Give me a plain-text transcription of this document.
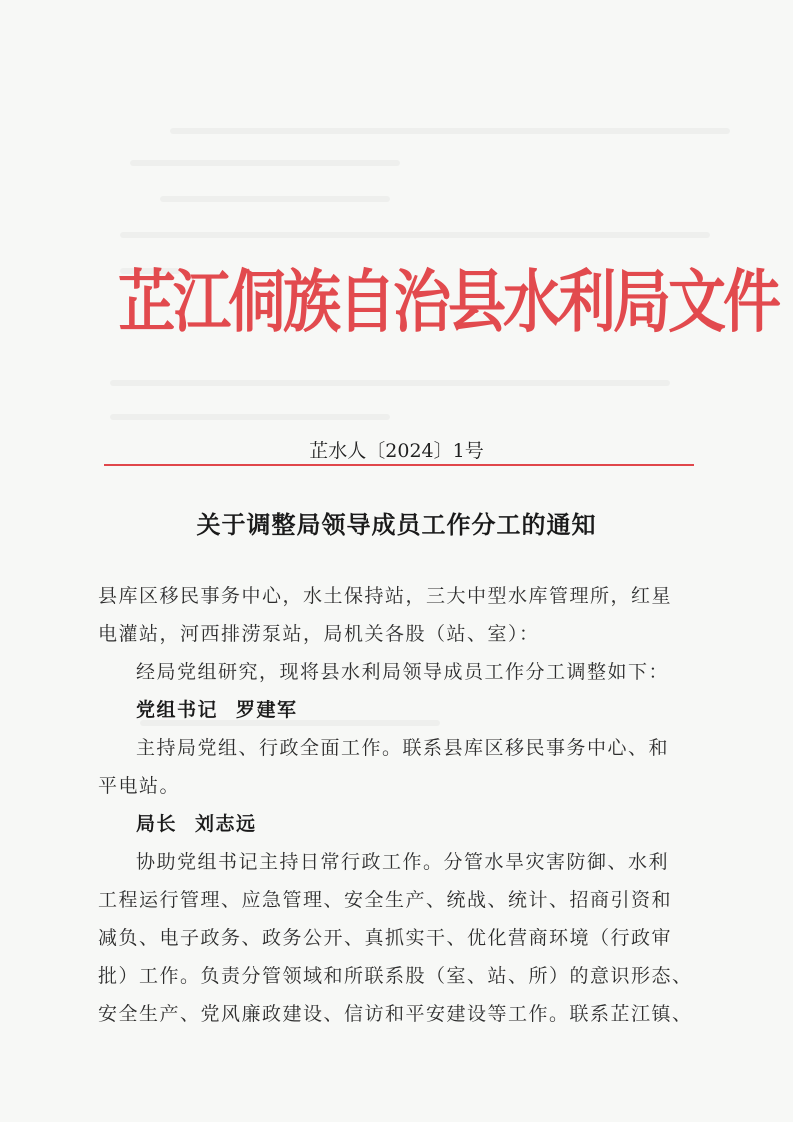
芷江侗族自治县水利局文件
芷水人〔2024〕1号
关于调整局领导成员工作分工的通知
县库区移民事务中心，水土保持站，三大中型水库管理所，红星
电灌站，河西排涝泵站，局机关各股（站、室）：
经局党组研究，现将县水利局领导成员工作分工调整如下：
党组书记 罗建军
主持局党组、行政全面工作。联系县库区移民事务中心、和
平电站。
局长 刘志远
协助党组书记主持日常行政工作。分管水旱灾害防御、水利
工程运行管理、应急管理、安全生产、统战、统计、招商引资和
减负、电子政务、政务公开、真抓实干、优化营商环境（行政审
批）工作。负责分管领域和所联系股（室、站、所）的意识形态、
安全生产、党风廉政建设、信访和平安建设等工作。联系芷江镇、
